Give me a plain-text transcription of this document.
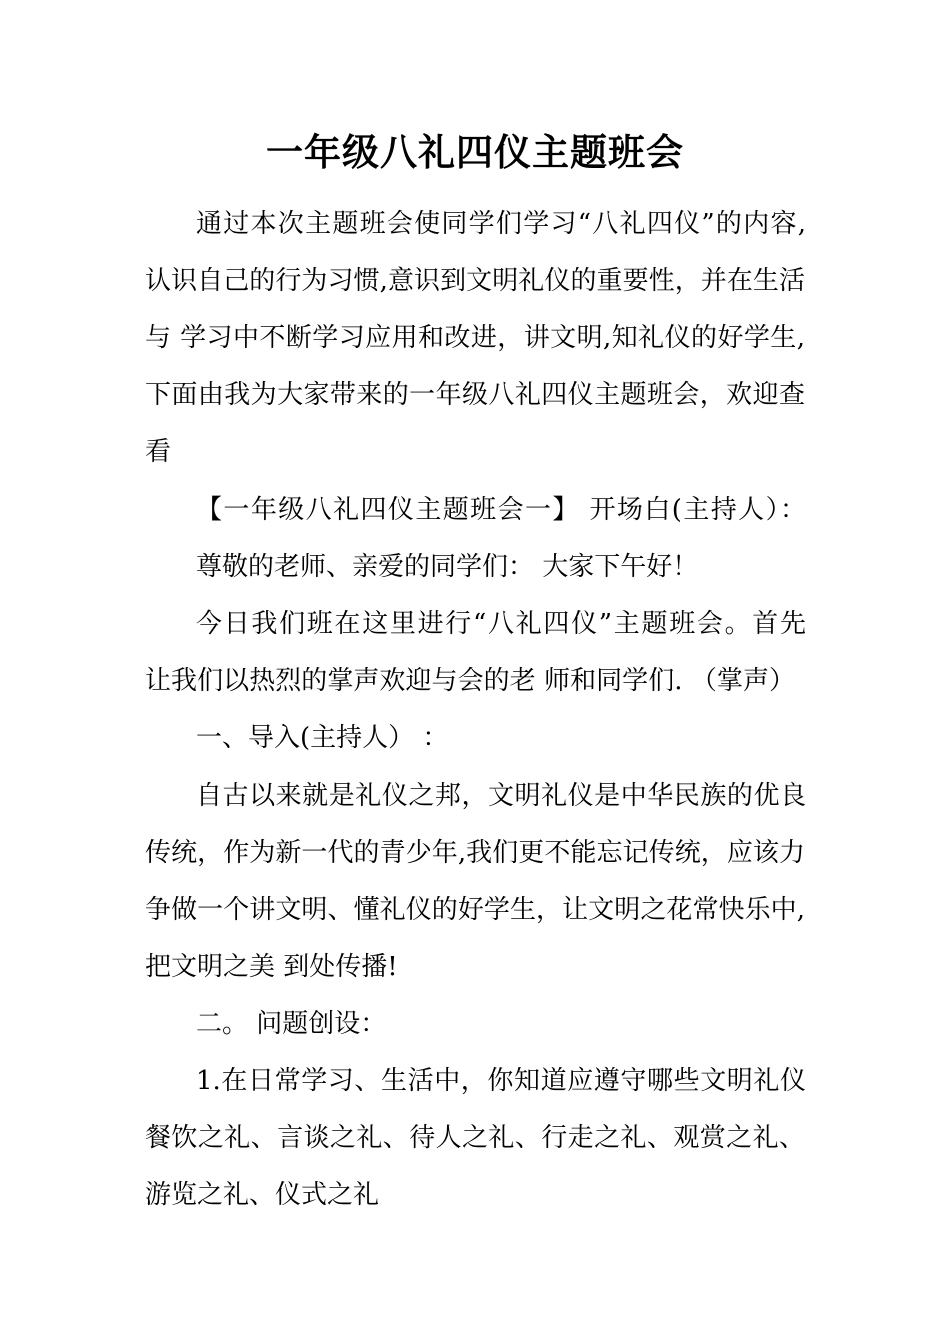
一年级八礼四仪主题班会
通过本次主题班会使同学们学习“八礼四仪”的内容,
认识自己的行为习惯,意识到文明礼仪的重要性，并在生活
与 学习中不断学习应用和改进，讲文明,知礼仪的好学生,
下面由我为大家带来的一年级八礼四仪主题班会，欢迎查
看
【一年级八礼四仪主题班会一】 开场白(主持人）：
尊敬的老师、亲爱的同学们： 大家下午好！
今日我们班在这里进行“八礼四仪”主题班会。首先
让我们以热烈的掌声欢迎与会的老 师和同学们. （掌声）
一、导入(主持人） ：
自古以来就是礼仪之邦，文明礼仪是中华民族的优良
传统，作为新一代的青少年,我们更不能忘记传统，应该力
争做一个讲文明、懂礼仪的好学生，让文明之花常快乐中,
把文明之美 到处传播!
二。 问题创设：
1.在日常学习、生活中，你知道应遵守哪些文明礼仪
餐饮之礼、言谈之礼、待人之礼、行走之礼、观赏之礼、
游览之礼、仪式之礼
